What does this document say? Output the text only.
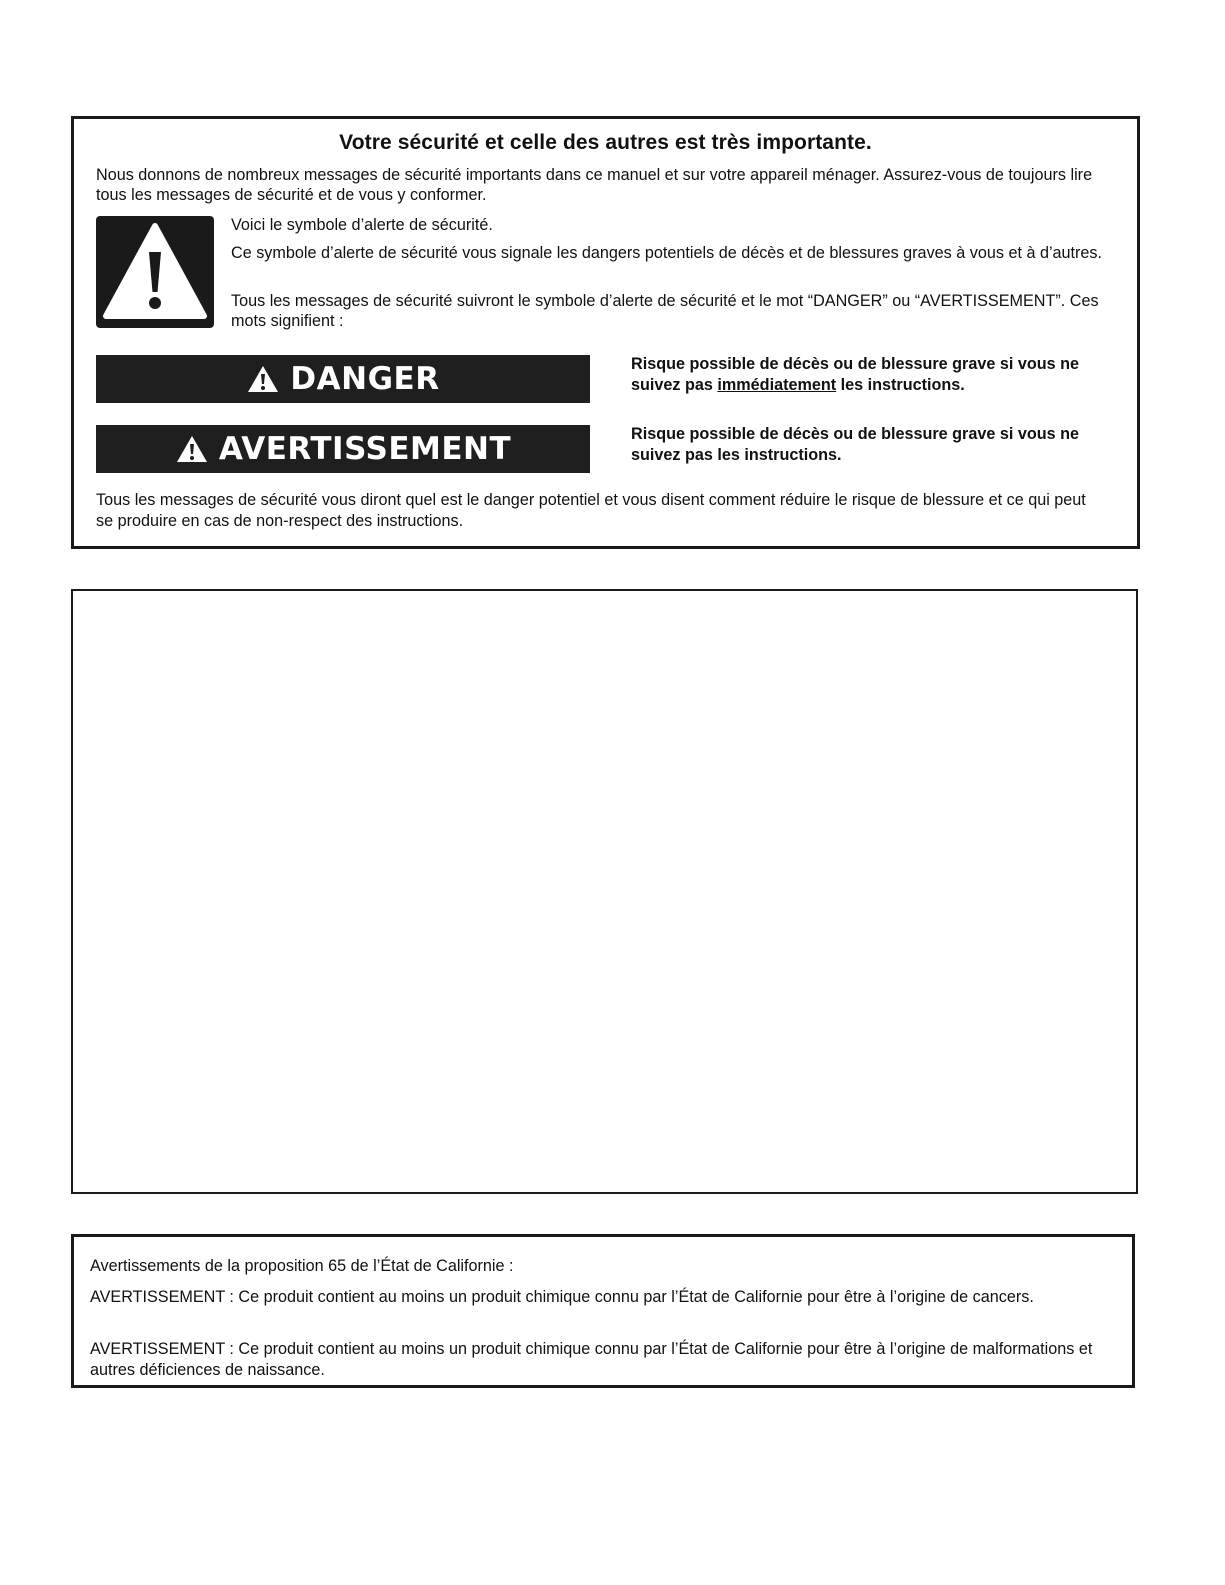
Votre sécurité et celle des autres est très importante.

Nous donnons de nombreux messages de sécurité importants dans ce manuel et sur votre appareil ménager. Assurez-vous de toujours lire tous les messages de sécurité et de vous y conformer.

Voici le symbole d’alerte de sécurité.

Ce symbole d’alerte de sécurité vous signale les dangers potentiels de décès et de blessures graves à vous et à d’autres.

Tous les messages de sécurité suivront le symbole d’alerte de sécurité et le mot “DANGER” ou “AVERTISSEMENT”. Ces mots signifient :

DANGER	Risque possible de décès ou de blessure grave si vous ne suivez pas immédiatement les instructions.

AVERTISSEMENT	Risque possible de décès ou de blessure grave si vous ne suivez pas les instructions.

Tous les messages de sécurité vous diront quel est le danger potentiel et vous disent comment réduire le risque de blessure et ce qui peut se produire en cas de non-respect des instructions.

Avertissements de la proposition 65 de l’État de Californie :

AVERTISSEMENT : Ce produit contient au moins un produit chimique connu par l’État de Californie pour être à l’origine de cancers.

AVERTISSEMENT : Ce produit contient au moins un produit chimique connu par l’État de Californie pour être à l’origine de malformations et autres déficiences de naissance.
